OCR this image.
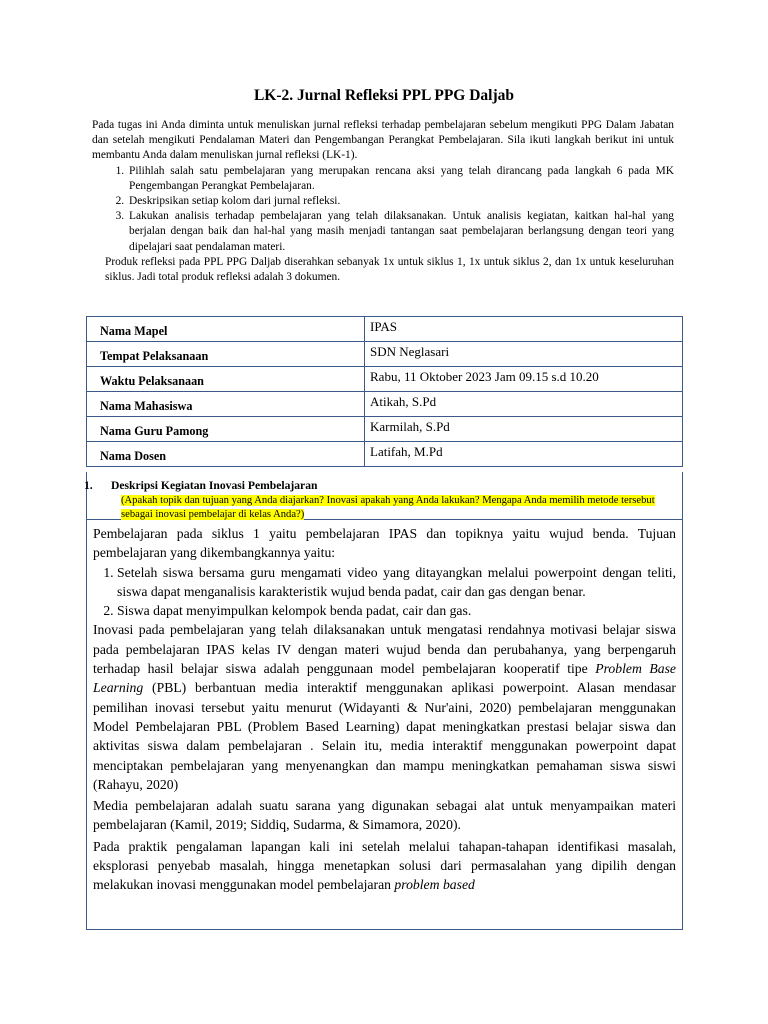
LK-2. Jurnal Refleksi PPL PPG Daljab

Pada tugas ini Anda diminta untuk menuliskan jurnal refleksi terhadap pembelajaran sebelum mengikuti PPG Dalam Jabatan dan setelah mengikuti Pendalaman Materi dan Pengembangan Perangkat Pembelajaran. Sila ikuti langkah berikut ini untuk membantu Anda dalam menuliskan jurnal refleksi (LK-1).

1. Pilihlah salah satu pembelajaran yang merupakan rencana aksi yang telah dirancang pada langkah 6 pada MK Pengembangan Perangkat Pembelajaran.
2. Deskripsikan setiap kolom dari jurnal refleksi.
3. Lakukan analisis terhadap pembelajaran yang telah dilaksanakan. Untuk analisis kegiatan, kaitkan hal-hal yang berjalan dengan baik dan hal-hal yang masih menjadi tantangan saat pembelajaran berlangsung dengan teori yang dipelajari saat pendalaman materi.

Produk refleksi pada PPL PPG Daljab diserahkan sebanyak 1x untuk siklus 1, 1x untuk siklus 2, dan 1x untuk keseluruhan siklus. Jadi total produk refleksi adalah 3 dokumen.

Nama Mapel	IPAS
Tempat Pelaksanaan	SDN Neglasari
Waktu Pelaksanaan	Rabu, 11 Oktober 2023 Jam 09.15 s.d 10.20
Nama Mahasiswa	Atikah, S.Pd
Nama Guru Pamong	Karmilah, S.Pd
Nama Dosen	Latifah, M.Pd
1. Deskripsi Kegiatan Inovasi Pembelajaran
(Apakah topik dan tujuan yang Anda diajarkan? Inovasi apakah yang Anda lakukan? Mengapa Anda memilih metode tersebut sebagai inovasi pembelajar di kelas Anda?)

Pembelajaran pada siklus 1 yaitu pembelajaran IPAS dan topiknya yaitu wujud benda. Tujuan pembelajaran yang dikembangkannya yaitu:

1. Setelah siswa bersama guru mengamati video yang ditayangkan melalui powerpoint dengan teliti, siswa dapat menganalisis karakteristik wujud benda padat, cair dan gas dengan benar.
2. Siswa dapat menyimpulkan kelompok benda padat, cair dan gas.

Inovasi pada pembelajaran yang telah dilaksanakan untuk mengatasi rendahnya motivasi belajar siswa pada pembelajaran IPAS kelas IV dengan materi wujud benda dan perubahanya, yang berpengaruh terhadap hasil belajar siswa adalah penggunaan model pembelajaran kooperatif tipe Problem Base Learning (PBL) berbantuan media interaktif menggunakan aplikasi powerpoint. Alasan mendasar pemilihan inovasi tersebut yaitu menurut (Widayanti & Nur'aini, 2020) pembelajaran menggunakan Model Pembelajaran PBL (Problem Based Learning) dapat meningkatkan prestasi belajar siswa dan aktivitas siswa dalam pembelajaran . Selain itu, media interaktif menggunakan powerpoint dapat menciptakan pembelajaran yang menyenangkan dan mampu meningkatkan pemahaman siswa siswi (Rahayu, 2020)

Media pembelajaran adalah suatu sarana yang digunakan sebagai alat untuk menyampaikan materi pembelajaran (Kamil, 2019; Siddiq, Sudarma, & Simamora, 2020).

Pada praktik pengalaman lapangan kali ini setelah melalui tahapan-tahapan identifikasi masalah, eksplorasi penyebab masalah, hingga menetapkan solusi dari permasalahan yang dipilih dengan melakukan inovasi menggunakan model pembelajaran problem based
